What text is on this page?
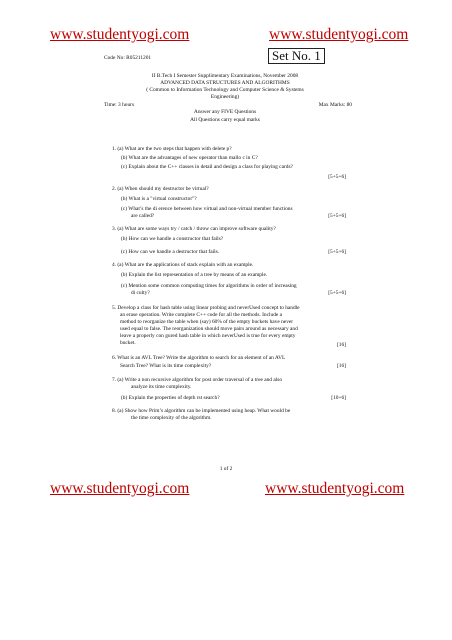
www.studentyogi.com	www.studentyogi.com
www.studentyogi.com	www.studentyogi.com
Code No: R05211201	Set No. 1
II B.Tech I Semester Supplimentary Examinations, November 2008
ADVANCED DATA STRUCTURES AND ALGORITHMS
( Common to Information Technology and Computer Science & Systems
Engineering)
Time: 3 hours	Max Marks: 80
Answer any FIVE Questions
All Questions carry equal marks
1. (a) What are the two steps that happen with delete p?
(b) What are the advantages of new operator than mallo c in C?
(c) Explain about the C++ classes in detail and design a class for playing cards?
[5+5+6]
2. (a) When should my destructor be virtual?
(b) What is a "virtual constructor"?
(c) What’s the di erence between how virtual and non-virtual member functions
are called?	[5+5+6]
3. (a) What are some ways try / catch / throw can improve software quality?
(b) How can we handle a constructor that fails?
(c) How can we handle a destructor that fails.	[5+5+6]
4. (a) What are the applications of stack explain with an example.
(b) Explain the list representation of a tree by means of an example.
(c) Mention some common computing times for algorithms in order of increasing
di culty?	[5+5+6]
5. Develop a class for hash table using linear probing and neverUsed concept to handle
an erase operation. Write complete C++ code for all the methods. Include a
method to reorganize the table when (say) 60% of the empty buckets have never
used equal to false. The reorganization should move pairs around as necessary and
leave a properly con gured hash table in which neverUsed is true for every empty
bucket.	[16]
6. What is an AVL Tree? Write the algorithm to search for an element of an AVL
Search Tree? What is its time complexity?	[16]
7. (a) Write a non recursive algorithm for post order traversal of a tree and also
analyze its time complexity.
(b) Explain the properties of depth rst search?	[10+6]
8. (a) Show how Prim’s algorithm can be implemented using heap. What would be
the time complexity of the algorithm.
1 of 2
